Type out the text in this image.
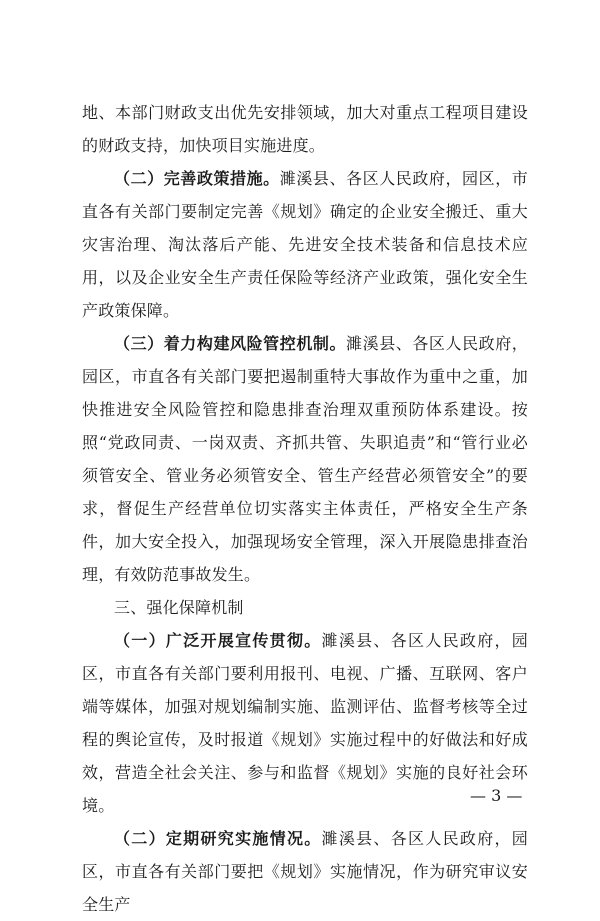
地、本部门财政支出优先安排领域，加大对重点工程项目建设的财政支持，加快项目实施进度。

（二）完善政策措施。濉溪县、各区人民政府，园区，市直各有关部门要制定完善《规划》确定的企业安全搬迁、重大灾害治理、淘汰落后产能、先进安全技术装备和信息技术应用，以及企业安全生产责任保险等经济产业政策，强化安全生产政策保障。

（三）着力构建风险管控机制。濉溪县、各区人民政府，园区，市直各有关部门要把遏制重特大事故作为重中之重，加快推进安全风险管控和隐患排查治理双重预防体系建设。按照“党政同责、一岗双责、齐抓共管、失职追责”和“管行业必须管安全、管业务必须管安全、管生产经营必须管安全”的要求，督促生产经营单位切实落实主体责任，严格安全生产条件，加大安全投入，加强现场安全管理，深入开展隐患排查治理，有效防范事故发生。

三、强化保障机制

（一）广泛开展宣传贯彻。濉溪县、各区人民政府，园区，市直各有关部门要利用报刊、电视、广播、互联网、客户端等媒体，加强对规划编制实施、监测评估、监督考核等全过程的舆论宣传，及时报道《规划》实施过程中的好做法和好成效，营造全社会关注、参与和监督《规划》实施的良好社会环境。

（二）定期研究实施情况。濉溪县、各区人民政府，园区，市直各有关部门要把《规划》实施情况，作为研究审议安全生产

— 3 —
